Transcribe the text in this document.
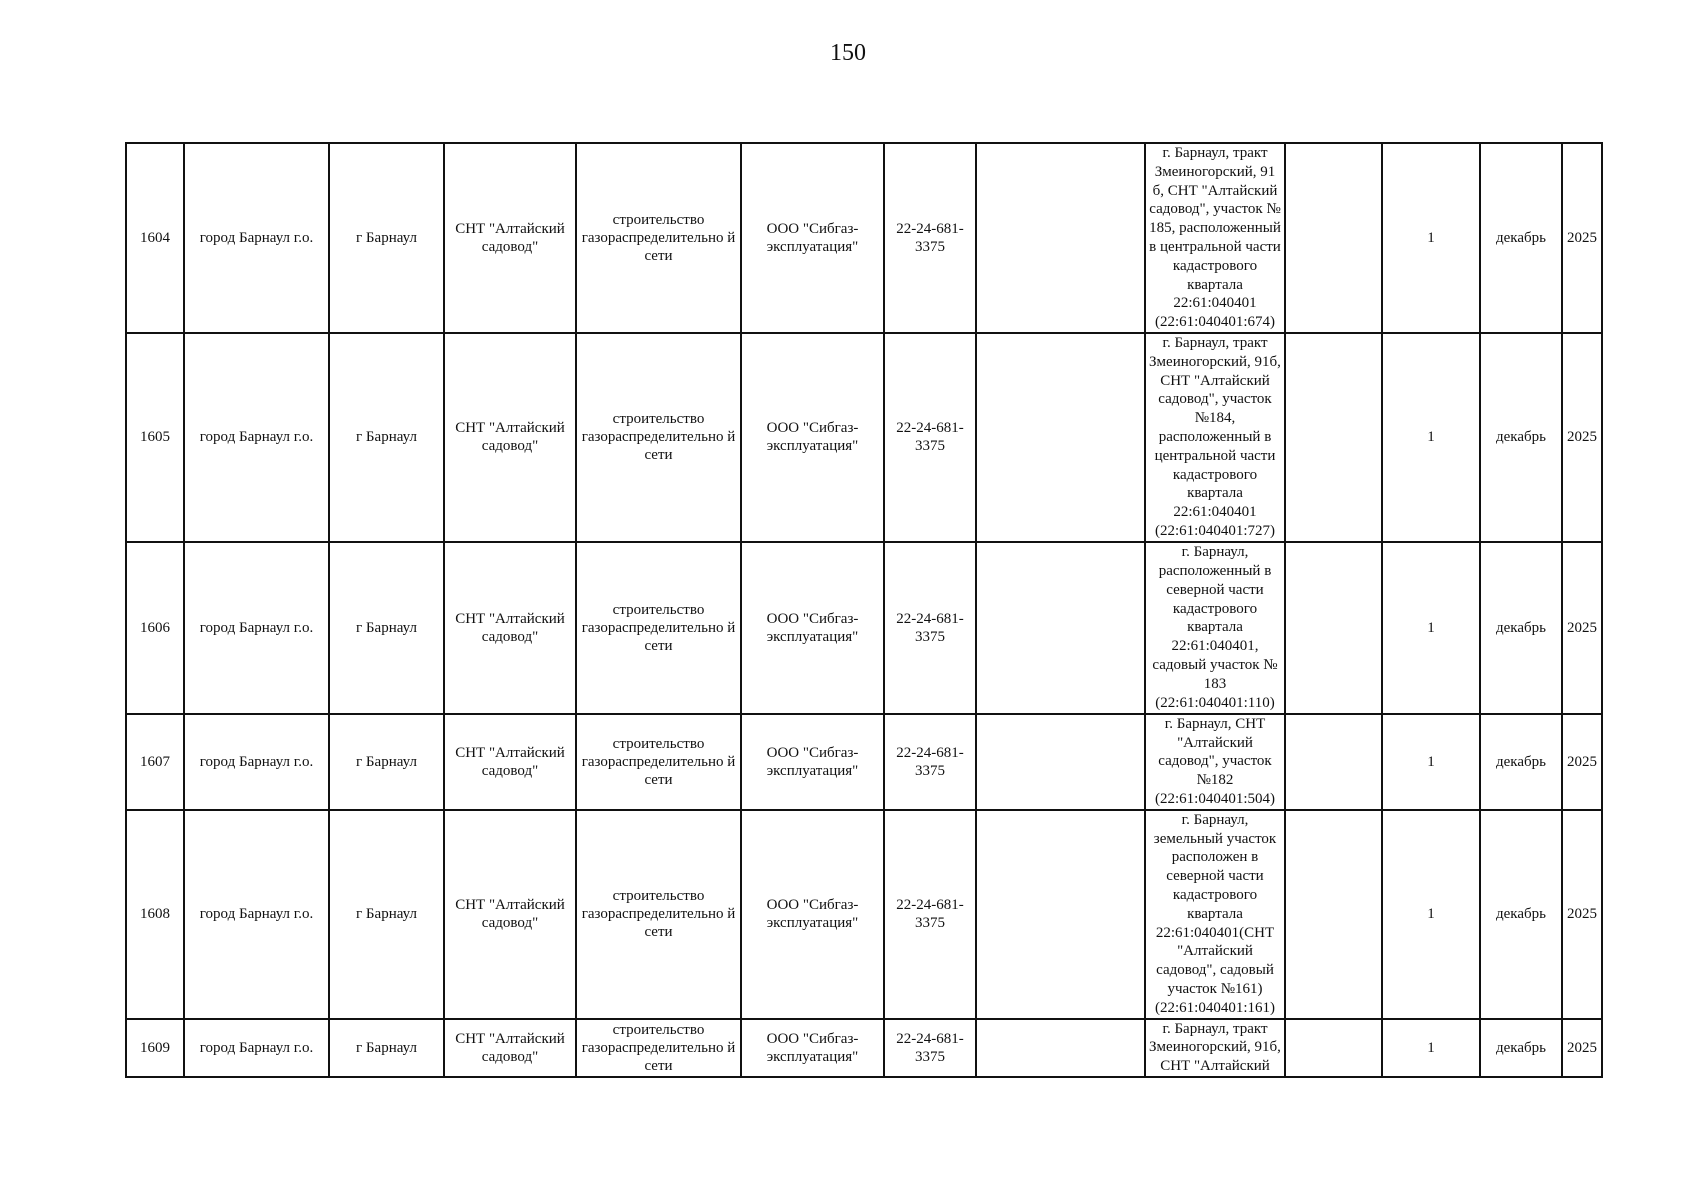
150
1604	город Барнаул г.о.	г Барнаул	СНТ "Алтайский садовод"	строительство газораспределительно й сети	ООО "Сибгаз-эксплуатация"	22-24-681-3375		г. Барнаул, тракт Змеиногорский, 91 б, СНТ "Алтайский садовод", участок № 185, расположенный в центральной части кадастрового квартала 22:61:040401 (22:61:040401:674)		1	декабрь	2025
1605	город Барнаул г.о.	г Барнаул	СНТ "Алтайский садовод"	строительство газораспределительно й сети	ООО "Сибгаз-эксплуатация"	22-24-681-3375		г. Барнаул, тракт Змеиногорский, 91б, СНТ "Алтайский садовод", участок №184, расположенный в центральной части кадастрового квартала 22:61:040401 (22:61:040401:727)		1	декабрь	2025
1606	город Барнаул г.о.	г Барнаул	СНТ "Алтайский садовод"	строительство газораспределительно й сети	ООО "Сибгаз-эксплуатация"	22-24-681-3375		г. Барнаул, расположенный в северной части кадастрового квартала 22:61:040401, садовый участок № 183 (22:61:040401:110)		1	декабрь	2025
1607	город Барнаул г.о.	г Барнаул	СНТ "Алтайский садовод"	строительство газораспределительно й сети	ООО "Сибгаз-эксплуатация"	22-24-681-3375		г. Барнаул, СНТ "Алтайский садовод", участок №182 (22:61:040401:504)		1	декабрь	2025
1608	город Барнаул г.о.	г Барнаул	СНТ "Алтайский садовод"	строительство газораспределительно й сети	ООО "Сибгаз-эксплуатация"	22-24-681-3375		г. Барнаул, земельный участок расположен в северной части кадастрового квартала 22:61:040401(СНТ "Алтайский садовод", садовый участок №161) (22:61:040401:161)		1	декабрь	2025
1609	город Барнаул г.о.	г Барнаул	СНТ "Алтайский садовод"	строительство газораспределительно й сети	ООО "Сибгаз-эксплуатация"	22-24-681-3375		г. Барнаул, тракт Змеиногорский, 91б, СНТ "Алтайский		1	декабрь	2025
